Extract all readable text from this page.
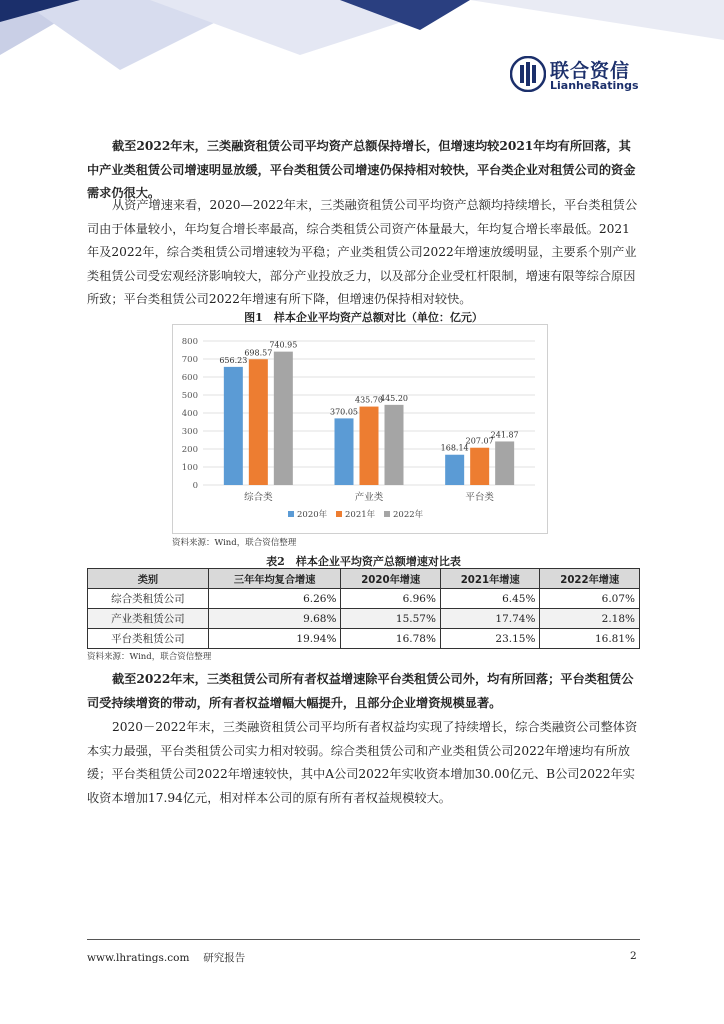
联合资信
LianheRatings

截至2022年末，三类融资租赁公司平均资产总额保持增长，但增速均较2021年均有所回落，其中产业类租赁公司增速明显放缓，平台类租赁公司增速仍保持相对较快，平台类企业对租赁公司的资金需求仍很大。

从资产增速来看，2020—2022年末，三类融资租赁公司平均资产总额均持续增长，平台类租赁公司由于体量较小，年均复合增长率最高，综合类租赁公司资产体量最大，年均复合增长率最低。2021年及2022年，综合类租赁公司增速较为平稳；产业类租赁公司2022年增速放缓明显，主要系个别产业类租赁公司受宏观经济影响较大，部分产业投放乏力，以及部分企业受杠杆限制，增速有限等综合原因所致；平台类租赁公司2022年增速有所下降，但增速仍保持相对较快。

图1　样本企业平均资产总额对比（单位：亿元）
0
100
200
300
400
500
600
700
800
656.23
698.57
740.95
综合类
370.05
435.70
445.20
产业类
168.14
207.07
241.87
平台类
2020年 2021年 2022年
资料来源：Wind，联合资信整理
表2　样本企业平均资产总额增速对比表
类别	三年年均复合增速	2020年增速	2021年增速	2022年增速
综合类租赁公司	6.26%	6.96%	6.45%	6.07%
产业类租赁公司	9.68%	15.57%	17.74%	2.18%
平台类租赁公司	19.94%	16.78%	23.15%	16.81%
资料来源：Wind，联合资信整理

截至2022年末，三类租赁公司所有者权益增速除平台类租赁公司外，均有所回落；平台类租赁公司受持续增资的带动，所有者权益增幅大幅提升，且部分企业增资规模显著。

2020－2022年末，三类融资租赁公司平均所有者权益均实现了持续增长，综合类融资公司整体资本实力最强，平台类租赁公司实力相对较弱。综合类租赁公司和产业类租赁公司2022年增速均有所放缓；平台类租赁公司2022年增速较快，其中A公司2022年实收资本增加30.00亿元、B公司2022年实收资本增加17.94亿元，相对样本公司的原有所有者权益规模较大。

www.lhratings.com　 研究报告	2
